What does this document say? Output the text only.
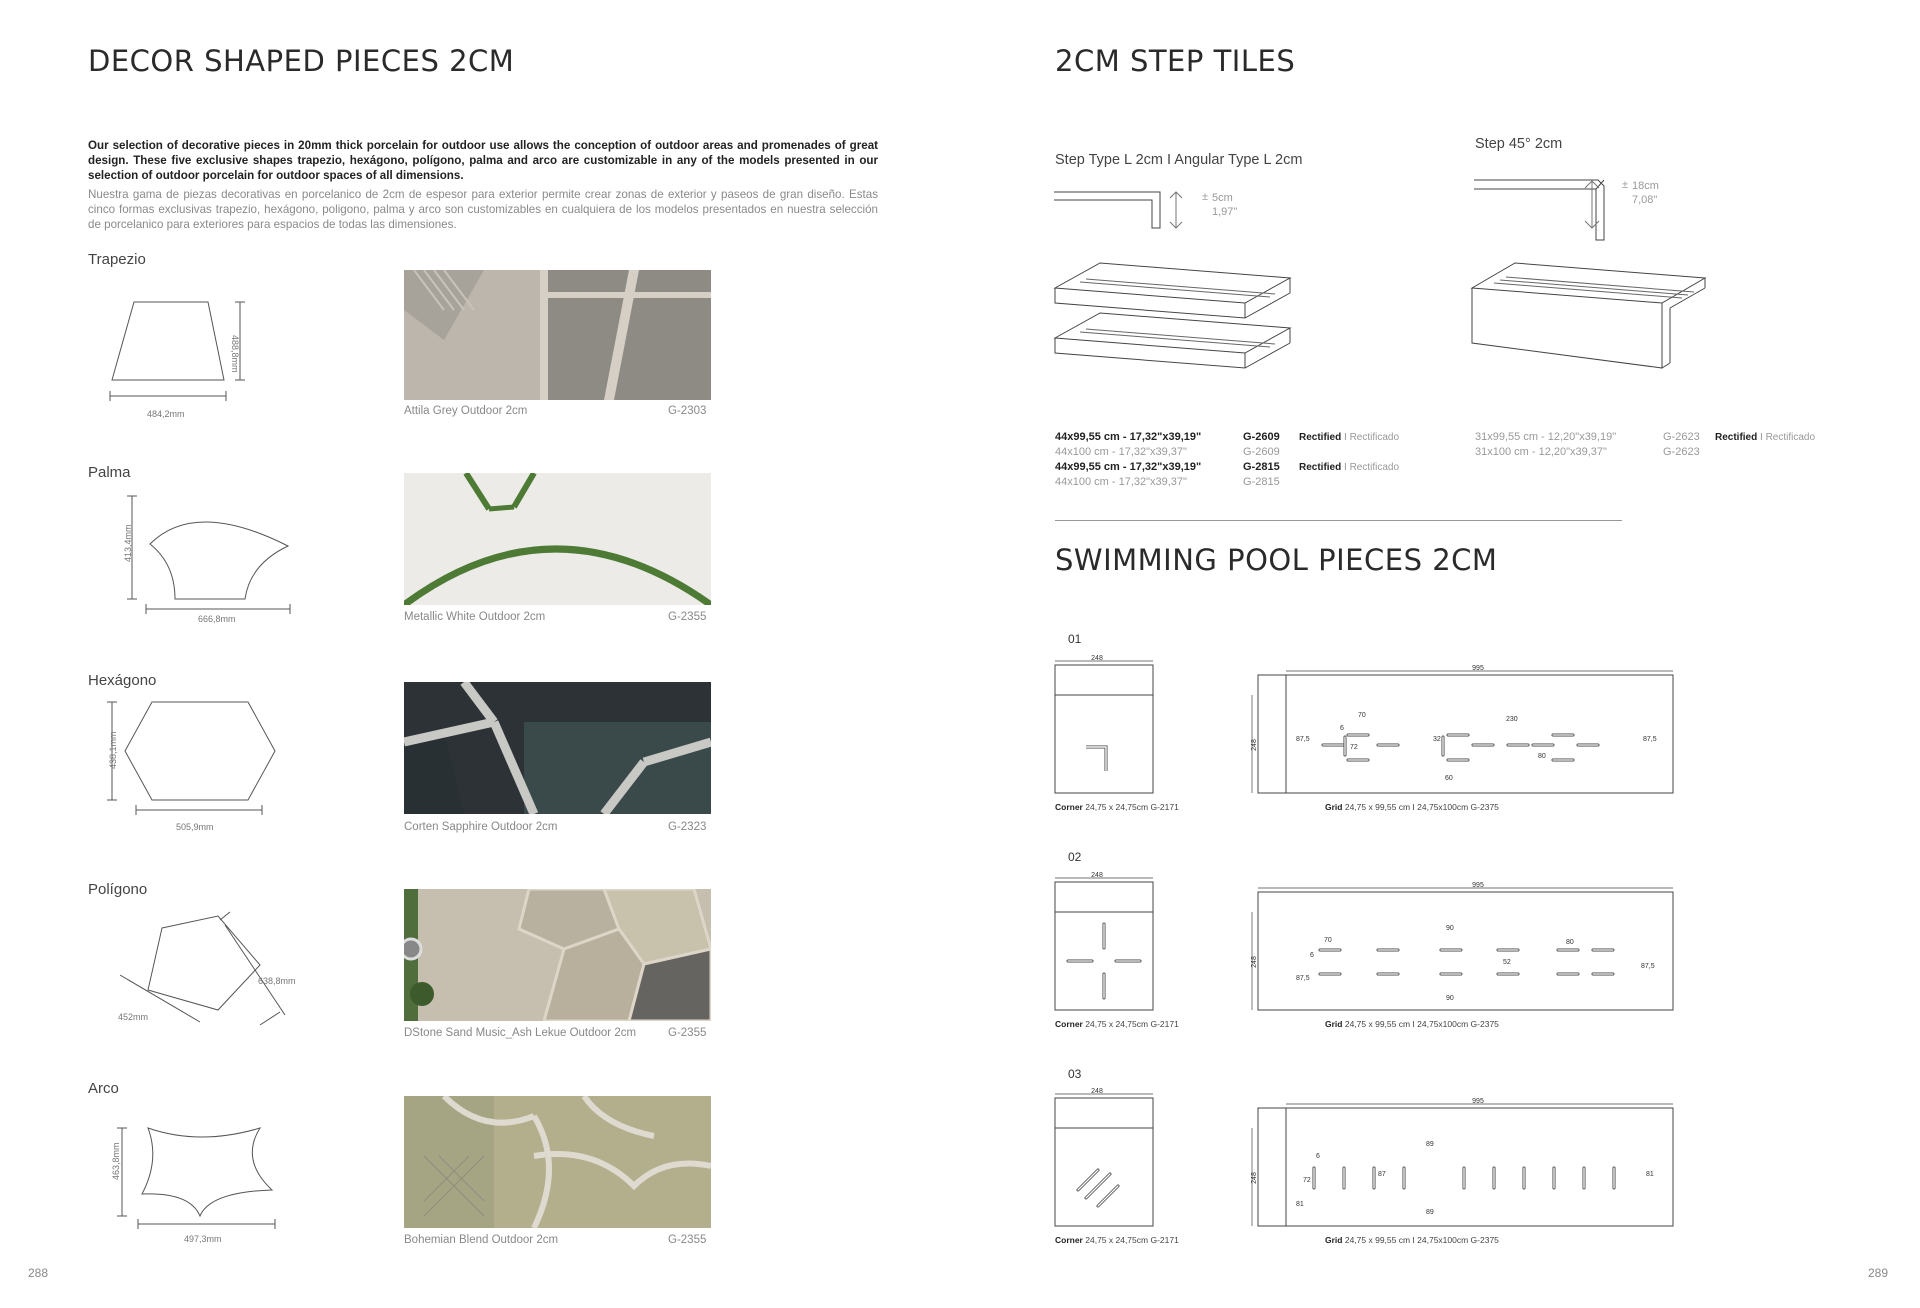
DECOR SHAPED PIECES 2CM
Our selection of decorative pieces in 20mm thick porcelain for outdoor use allows the conception of outdoor areas and promenades of great design. These five exclusive shapes trapezio, hexágono, polígono, palma and arco are customizable in any of the models presented in our selection of outdoor porcelain for outdoor spaces of all dimensions.
Nuestra gama de piezas decorativas en porcelanico de 2cm de espesor para exterior permite crear zonas de exterior y paseos de gran diseño. Estas cinco formas exclusivas trapezio, hexágono, poligono, palma y arco son customizables en cualquiera de los modelos presentados en nuestra selección de porcelanico para exteriores para espacios de todas las dimensiones.
Trapezio
484,2mm
488,8mm
Attila Grey Outdoor 2cm	G-2303
Palma
666,8mm
413,4mm
Metallic White Outdoor 2cm	G-2355
Hexágono
505,9mm
438,1mm
Corten Sapphire Outdoor 2cm	G-2323
Polígono
452mm
638,8mm
DStone Sand Music_Ash Lekue Outdoor 2cm	G-2355
Arco
497,3mm
463,8mm
Bohemian Blend Outdoor 2cm	G-2355
288
2CM STEP TILES
Step Type L 2cm I Angular Type L 2cm
± 5cm
1,97"
44x99,55 cm - 17,32"x39,19"	G-2609 Rectified I Rectificado
44x100 cm - 17,32"x39,37"	G-2609
44x99,55 cm - 17,32"x39,19"	G-2815 Rectified I Rectificado
44x100 cm - 17,32"x39,37"	G-2815
Step 45° 2cm
± 18cm
7,08"
31x99,55 cm - 12,20"x39,19"	G-2623 Rectified I Rectificado
31x100 cm - 12,20"x39,37"	G-2623
SWIMMING POOL PIECES 2CM
01
248
995
248
70
6
72
87,5	32
230
80
87,5
60
Corner 24,75 x 24,75cm G-2171	Grid 24,75 x 99,55 cm I 24,75x100cm G-2375
02
248
995
248
70
6
87,5
90
90
52
80
87,5
Corner 24,75 x 24,75cm G-2171	Grid 24,75 x 99,55 cm I 24,75x100cm G-2375
03
248
995
248
6
72
81
87
89
89
81
Corner 24,75 x 24,75cm G-2171	Grid 24,75 x 99,55 cm I 24,75x100cm G-2375
289
